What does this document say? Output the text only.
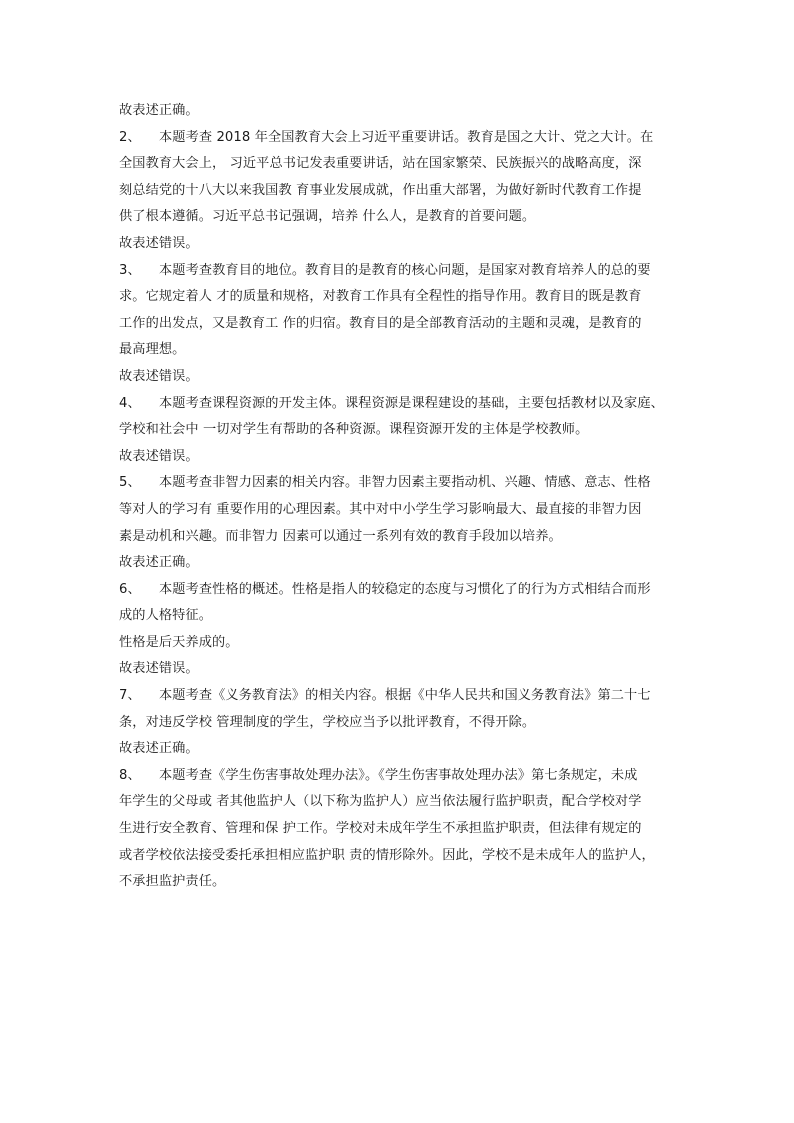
故表述正确。
2、 本题考查 2018 年全国教育大会上习近平重要讲话。教育是国之大计、党之大计。在
全国教育大会上， 习近平总书记发表重要讲话，站在国家繁荣、民族振兴的战略高度，深
刻总结党的十八大以来我国教 育事业发展成就，作出重大部署，为做好新时代教育工作提
供了根本遵循。习近平总书记强调，培养 什么人，是教育的首要问题。
故表述错误。
3、 本题考查教育目的地位。教育目的是教育的核心问题，是国家对教育培养人的总的要
求。它规定着人 才的质量和规格，对教育工作具有全程性的指导作用。教育目的既是教育
工作的出发点，又是教育工 作的归宿。教育目的是全部教育活动的主题和灵魂，是教育的
最高理想。
故表述错误。
4、 本题考查课程资源的开发主体。课程资源是课程建设的基础，主要包括教材以及家庭、
学校和社会中 一切对学生有帮助的各种资源。课程资源开发的主体是学校教师。
故表述错误。
5、 本题考查非智力因素的相关内容。非智力因素主要指动机、兴趣、情感、意志、性格
等对人的学习有 重要作用的心理因素。其中对中小学生学习影响最大、最直接的非智力因
素是动机和兴趣。而非智力 因素可以通过一系列有效的教育手段加以培养。
故表述正确。
6、 本题考查性格的概述。性格是指人的较稳定的态度与习惯化了的行为方式相结合而形
成的人格特征。
性格是后天养成的。
故表述错误。
7、 本题考查《义务教育法》的相关内容。根据《中华人民共和国义务教育法》第二十七
条，对违反学校 管理制度的学生，学校应当予以批评教育，不得开除。
故表述正确。
8、 本题考查《学生伤害事故处理办法》。《学生伤害事故处理办法》第七条规定，未成
年学生的父母或 者其他监护人（以下称为监护人）应当依法履行监护职责，配合学校对学
生进行安全教育、管理和保 护工作。学校对未成年学生不承担监护职责，但法律有规定的
或者学校依法接受委托承担相应监护职 责的情形除外。因此，学校不是未成年人的监护人，
不承担监护责任。
